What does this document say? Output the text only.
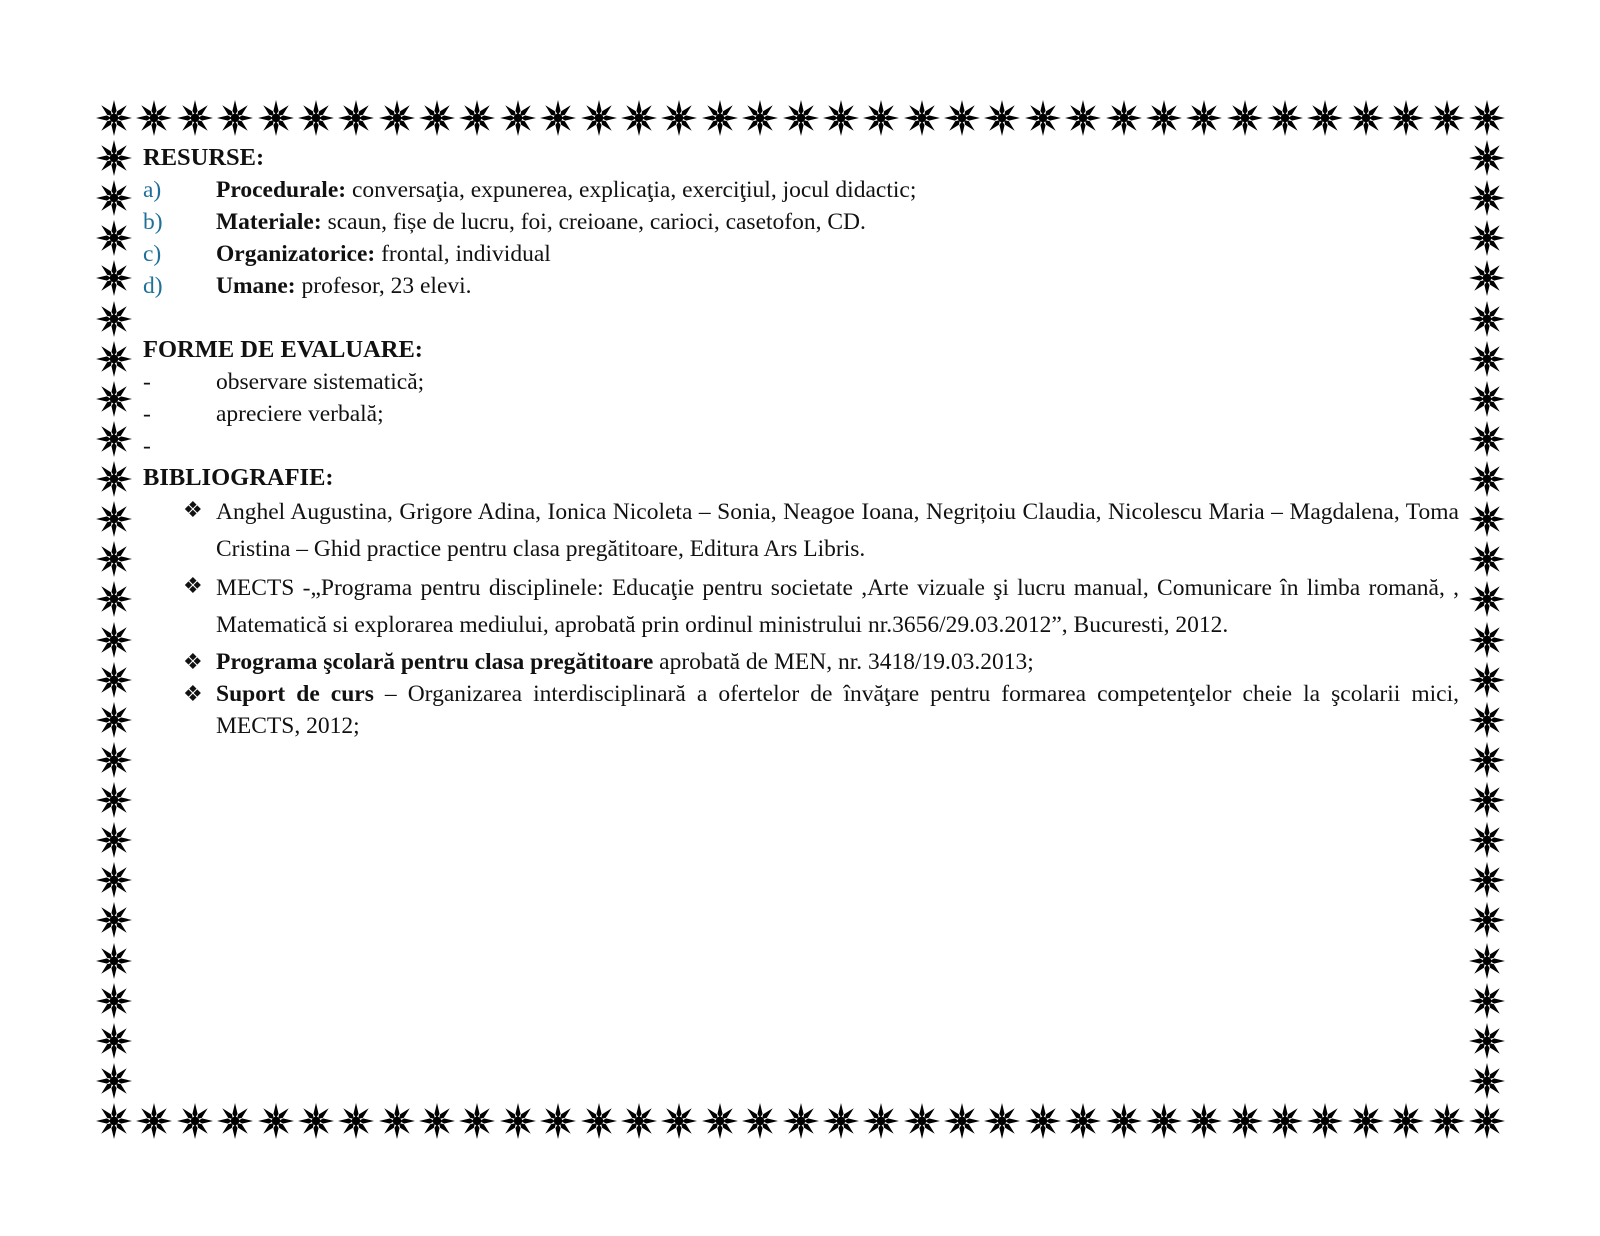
RESURSE:
a)	Procedurale: conversaţia, expunerea, explicaţia, exerciţiul, jocul didactic;
b)	Materiale: scaun, fișe de lucru, foi, creioane, carioci, casetofon, CD.
c)	Organizatorice: frontal, individual
d)	Umane: profesor, 23 elevi.
FORME DE EVALUARE:
-	observare sistematică;
-	apreciere verbală;
-
BIBLIOGRAFIE:
❖ Anghel Augustina, Grigore Adina, Ionica Nicoleta – Sonia, Neagoe Ioana, Negrițoiu Claudia, Nicolescu Maria – Magdalena, Toma Cristina – Ghid practice pentru clasa pregătitoare, Editura Ars Libris.
❖ MECTS -„Programa pentru disciplinele: Educaţie pentru societate ,Arte vizuale şi lucru manual, Comunicare în limba romană, , Matematică si explorarea mediului, aprobată prin ordinul ministrului nr.3656/29.03.2012”, Bucuresti, 2012.
❖ Programa şcolară pentru clasa pregătitoare aprobată de MEN, nr. 3418/19.03.2013;
❖ Suport de curs – Organizarea interdisciplinară a ofertelor de învăţare pentru formarea competenţelor cheie la şcolarii mici, MECTS, 2012;
